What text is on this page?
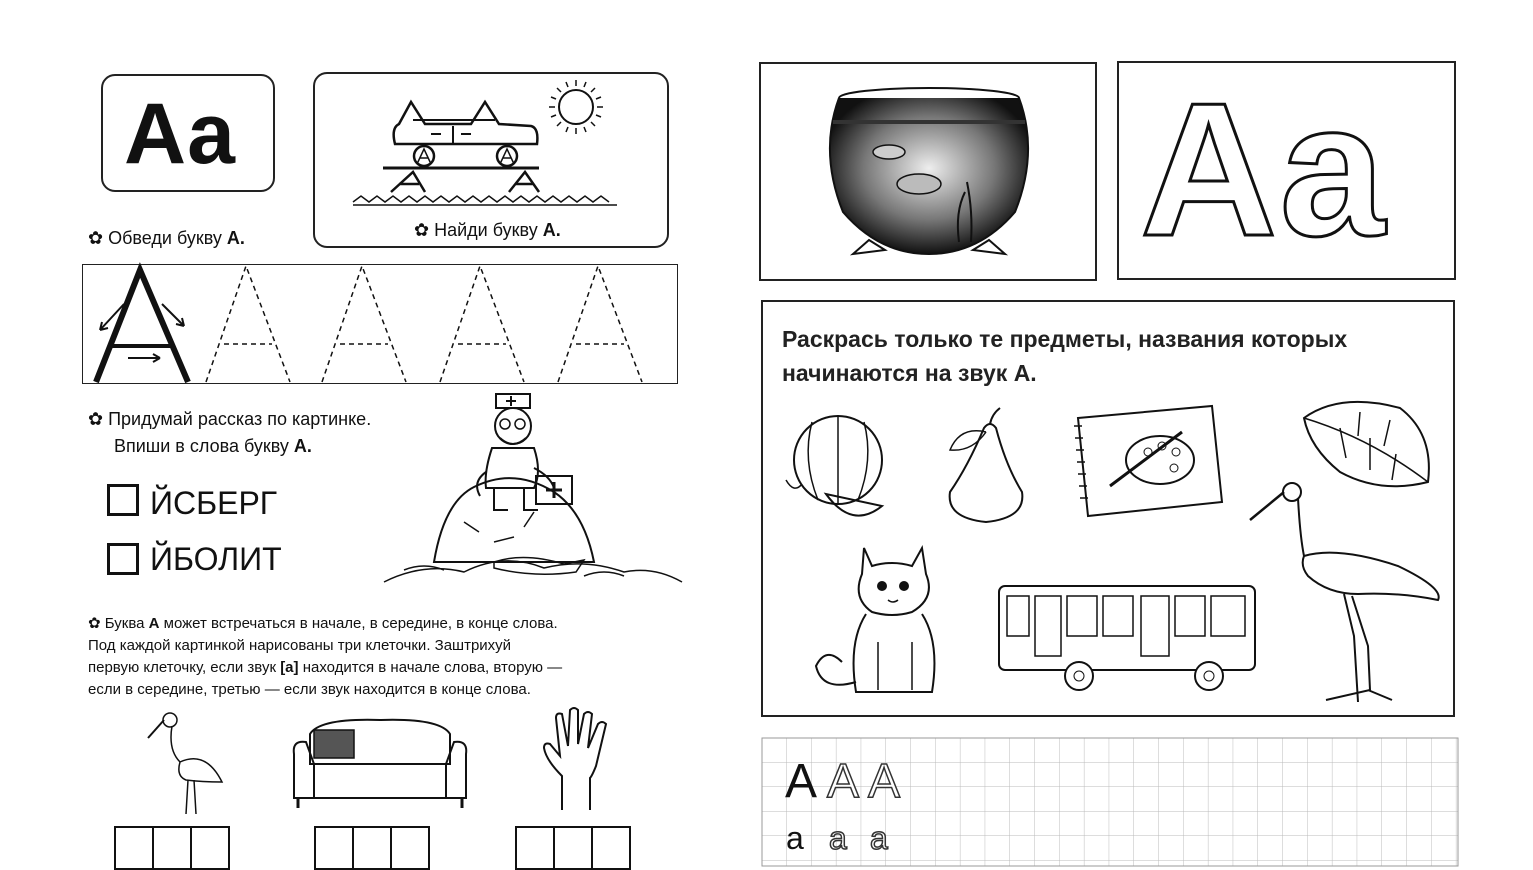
Аа
✿ Найди букву А.
✿ Обведи букву А.
✿ Придумай рассказ по картинке.
Впиши в слова букву А.
ЙСБЕРГ
ЙБОЛИТ
✿ Буква А может встречаться в начале, в середине, в конце слова.
Под каждой картинкой нарисованы три клеточки. Заштрихуй
первую клеточку, если звук [а] находится в начале слова, вторую —
если в середине, третью — если звук находится в конце слова.
Аа
Раскрась только те предметы, названия которых
начинаются на звук А.
А А А
а а а
